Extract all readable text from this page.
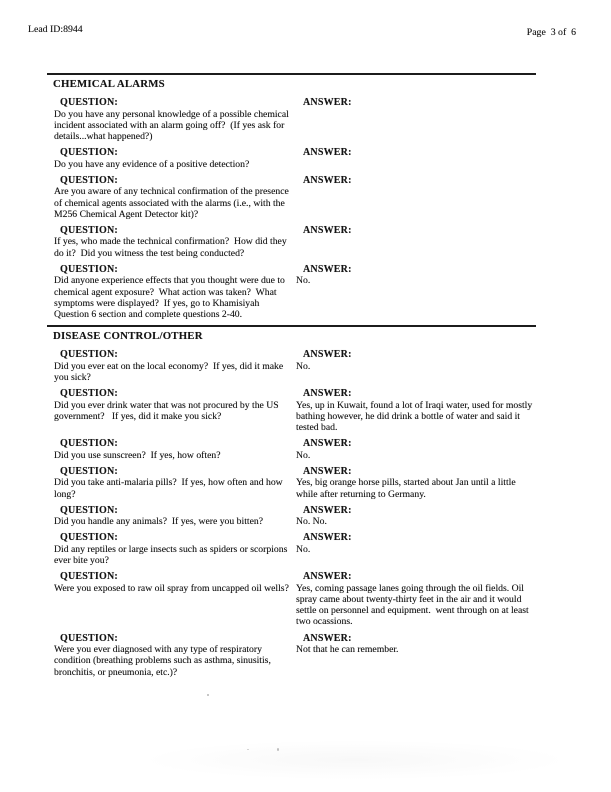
Lead ID:8944	Page  3 of  6
CHEMICAL ALARMS
QUESTION:
Do you have any personal knowledge of a possible chemical incident associated with an alarm going off?  (If yes ask for details...what happened?)
ANSWER:
QUESTION:
Do you have any evidence of a positive detection?
ANSWER:
QUESTION:
Are you aware of any technical confirmation of the presence of chemical agents associated with the alarms (i.e., with the M256 Chemical Agent Detector kit)?
ANSWER:
QUESTION:
If yes, who made the technical confirmation?  How did they do it?  Did you witness the test being conducted?
ANSWER:
QUESTION:
Did anyone experience effects that you thought were due to chemical agent exposure?  What action was taken?  What symptoms were displayed?  If yes, go to Khamisiyah Question 6 section and complete questions 2-40.
ANSWER:
No.
DISEASE CONTROL/OTHER
QUESTION:
Did you ever eat on the local economy?  If yes, did it make you sick?
ANSWER:
No.
QUESTION:
Did you ever drink water that was not procured by the US government?   If yes, did it make you sick?
ANSWER:
Yes, up in Kuwait, found a lot of Iraqi water, used for mostly bathing however, he did drink a bottle of water and said it tested bad.
QUESTION:
Did you use sunscreen?  If yes, how often?
ANSWER:
No.
QUESTION:
Did you take anti-malaria pills?  If yes, how often and how long?
ANSWER:
Yes, big orange horse pills, started about Jan until a little while after returning to Germany.
QUESTION:
Did you handle any animals?  If yes, were you bitten?
ANSWER:
No. No.
QUESTION:
Did any reptiles or large insects such as spiders or scorpions ever bite you?
ANSWER:
No.
QUESTION:
Were you exposed to raw oil spray from uncapped oil wells?
ANSWER:
Yes, coming passage lanes going through the oil fields. Oil spray came about twenty-thirty feet in the air and it would settle on personnel and equipment.  went through on at least two ocassions.
QUESTION:
Were you ever diagnosed with any type of respiratory condition (breathing problems such as asthma, sinusitis, bronchitis, or pneumonia, etc.)?
ANSWER:
Not that he can remember.
